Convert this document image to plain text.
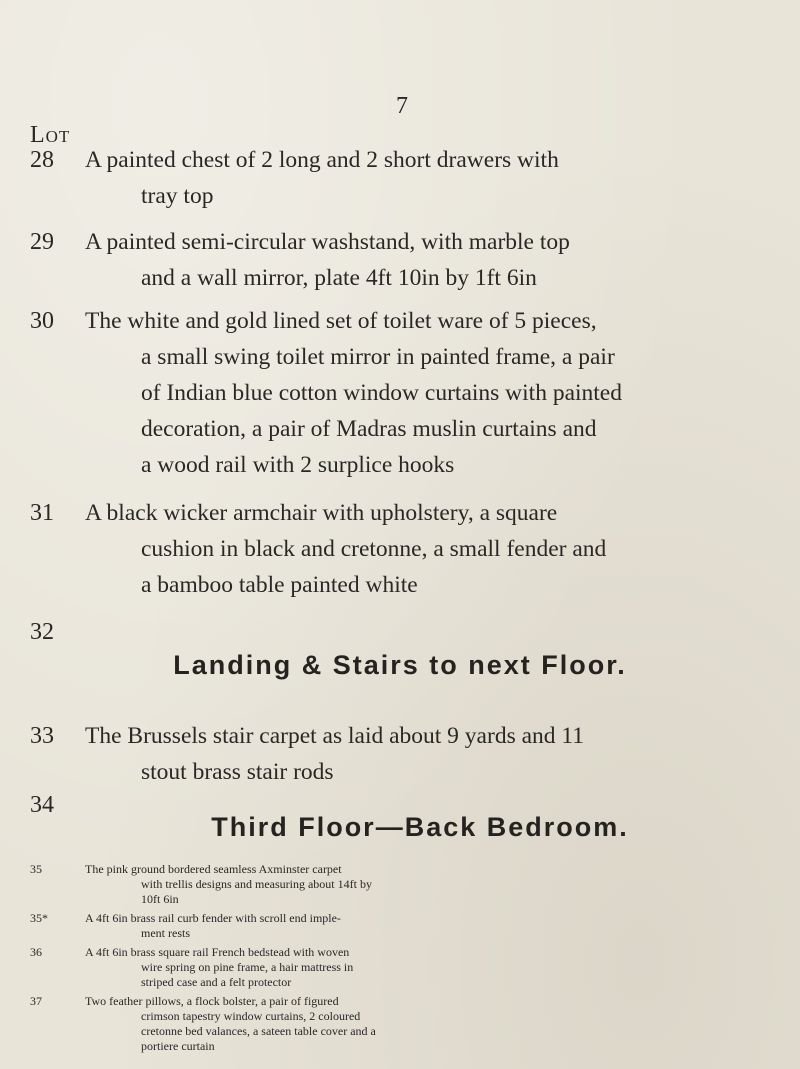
7
Lot
28 A painted chest of 2 long and 2 short drawers with
tray top
29 A painted semi-circular washstand, with marble top
and a wall mirror, plate 4ft 10in by 1ft 6in
30 The white and gold lined set of toilet ware of 5 pieces,
a small swing toilet mirror in painted frame, a pair
of Indian blue cotton window curtains with painted
decoration, a pair of Madras muslin curtains and
a wood rail with 2 surplice hooks
31 A black wicker armchair with upholstery, a square
cushion in black and cretonne, a small fender and
a bamboo table painted white
32
Landing & Stairs to next Floor.
33 The Brussels stair carpet as laid about 9 yards and 11
stout brass stair rods
34
Third Floor—Back Bedroom.
35	The pink ground bordered seamless Axminster carpet
with trellis designs and measuring about 14ft by
10ft 6in
35*	A 4ft 6in brass rail curb fender with scroll end imple-
ment rests
36	A 4ft 6in brass square rail French bedstead with woven
wire spring on pine frame, a hair mattress in
striped case and a felt protector
37	Two feather pillows, a flock bolster, a pair of figured
crimson tapestry window curtains, 2 coloured
cretonne bed valances, a sateen table cover and a
portiere curtain
